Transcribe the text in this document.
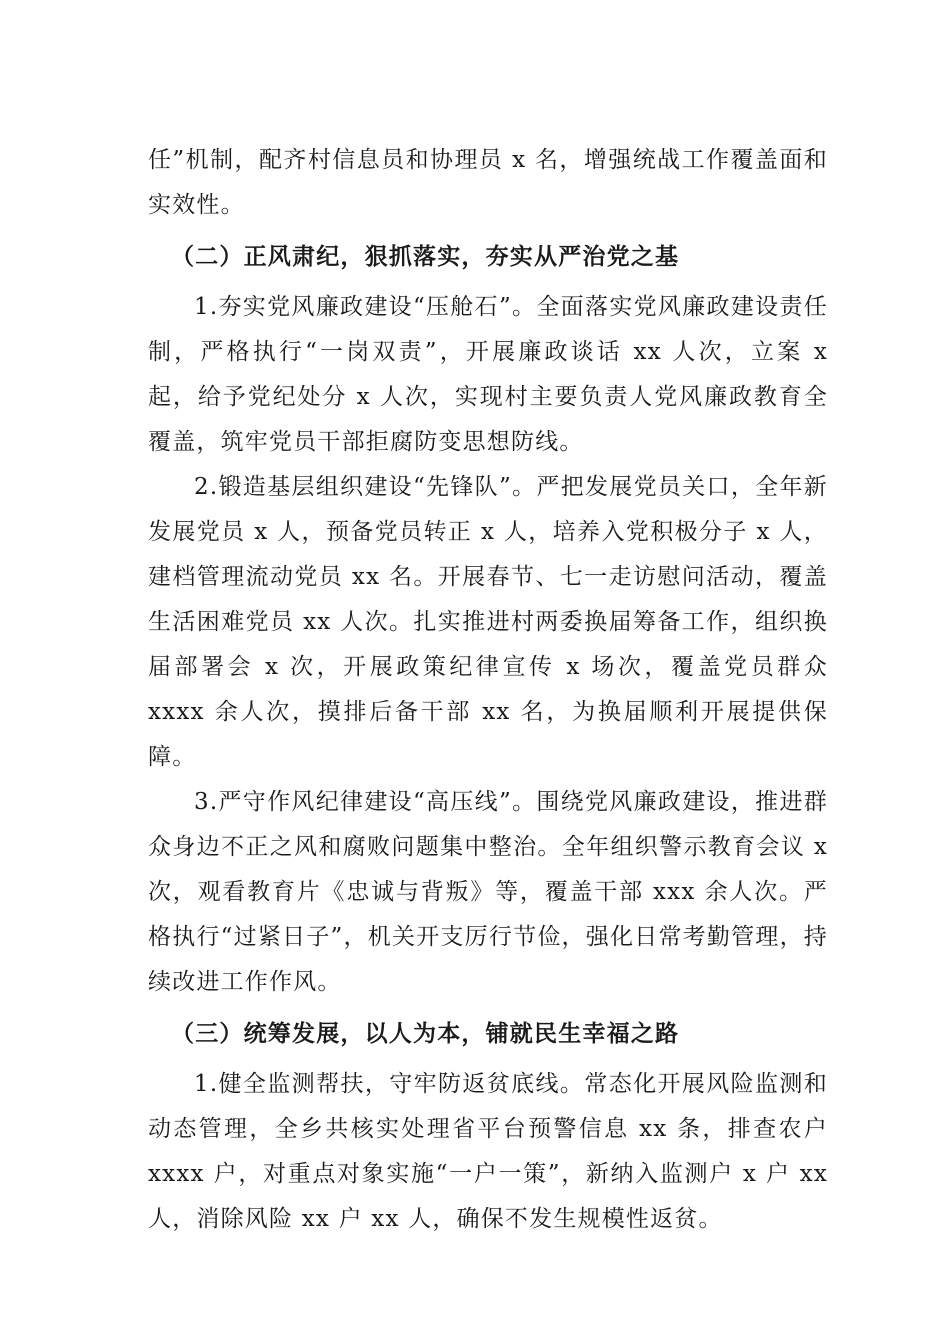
任”机制，配齐村信息员和协理员 x 名，增强统战工作覆盖面和实效性。

（二）正风肃纪，狠抓落实，夯实从严治党之基

1.夯实党风廉政建设“压舱石”。全面落实党风廉政建设责任制，严格执行“一岗双责”，开展廉政谈话 xx 人次，立案 x 起，给予党纪处分 x 人次，实现村主要负责人党风廉政教育全覆盖，筑牢党员干部拒腐防变思想防线。

2.锻造基层组织建设“先锋队”。严把发展党员关口，全年新发展党员 x 人，预备党员转正 x 人，培养入党积极分子 x 人，建档管理流动党员 xx 名。开展春节、七一走访慰问活动，覆盖生活困难党员 xx 人次。扎实推进村两委换届筹备工作，组织换届部署会 x 次，开展政策纪律宣传 x 场次，覆盖党员群众 xxxx 余人次，摸排后备干部 xx 名，为换届顺利开展提供保障。

3.严守作风纪律建设“高压线”。围绕党风廉政建设，推进群众身边不正之风和腐败问题集中整治。全年组织警示教育会议 x 次，观看教育片《忠诚与背叛》等，覆盖干部 xxx 余人次。严格执行“过紧日子”，机关开支厉行节俭，强化日常考勤管理，持续改进工作作风。

（三）统筹发展，以人为本，铺就民生幸福之路

1.健全监测帮扶，守牢防返贫底线。常态化开展风险监测和动态管理，全乡共核实处理省平台预警信息 xx 条，排查农户 xxxx 户，对重点对象实施“一户一策”，新纳入监测户 x 户 xx 人，消除风险 xx 户 xx 人，确保不发生规模性返贫。
